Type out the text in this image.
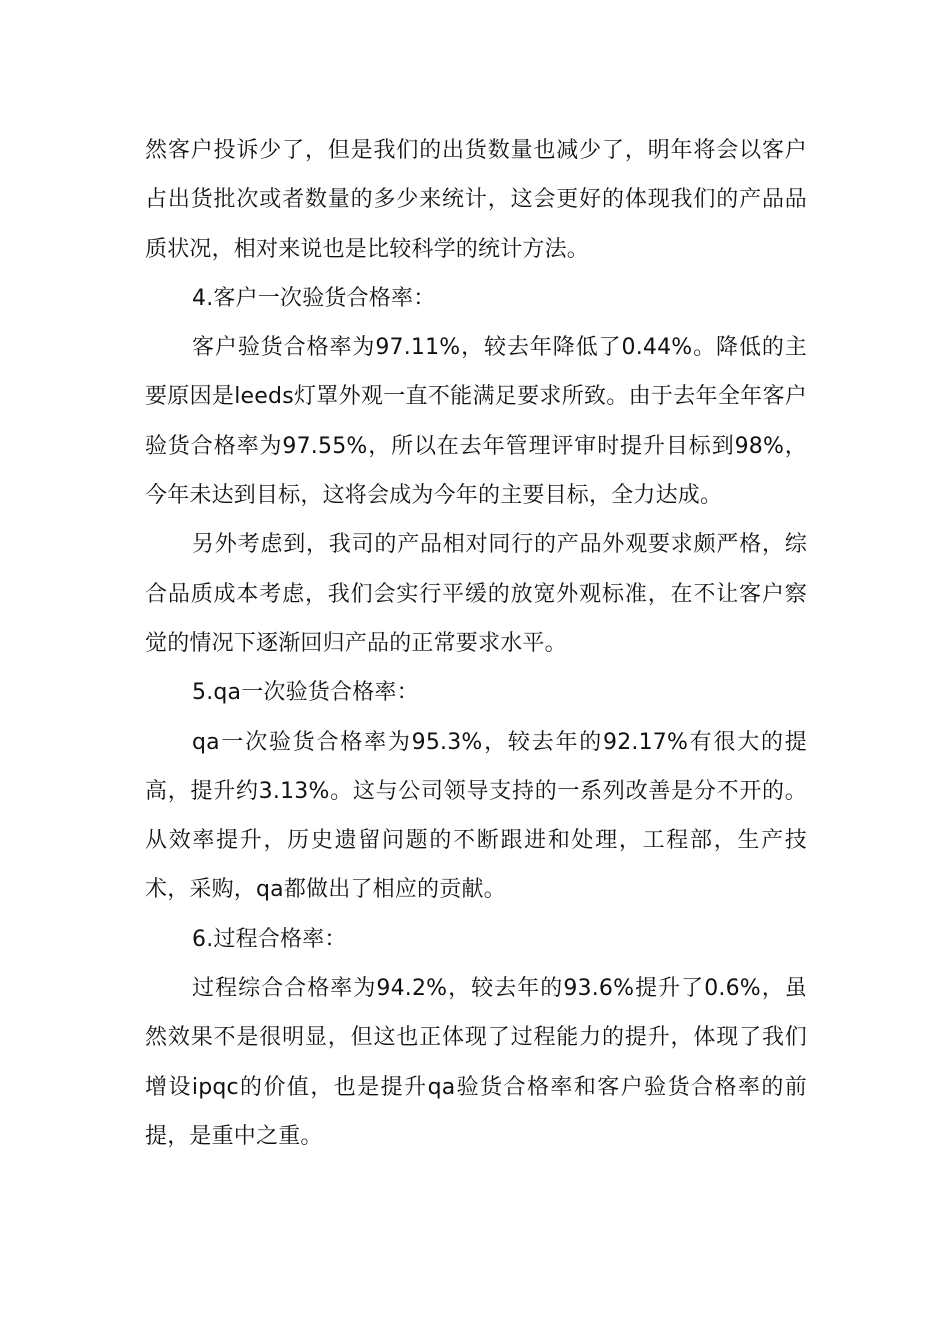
然客户投诉少了，但是我们的出货数量也减少了，明年将会以客户占出货批次或者数量的多少来统计，这会更好的体现我们的产品品质状况，相对来说也是比较科学的统计方法。

4.客户一次验货合格率：

客户验货合格率为97.11%，较去年降低了0.44%。降低的主要原因是leeds灯罩外观一直不能满足要求所致。由于去年全年客户验货合格率为97.55%，所以在去年管理评审时提升目标到98%，今年未达到目标，这将会成为今年的主要目标，全力达成。

另外考虑到，我司的产品相对同行的产品外观要求颇严格，综合品质成本考虑，我们会实行平缓的放宽外观标准，在不让客户察觉的情况下逐渐回归产品的正常要求水平。

5.qa一次验货合格率：

qa一次验货合格率为95.3%，较去年的92.17%有很大的提高，提升约3.13%。这与公司领导支持的一系列改善是分不开的。从效率提升，历史遗留问题的不断跟进和处理，工程部，生产技术，采购，qa都做出了相应的贡献。

6.过程合格率：

过程综合合格率为94.2%，较去年的93.6%提升了0.6%，虽然效果不是很明显，但这也正体现了过程能力的提升，体现了我们增设ipqc的价值，也是提升qa验货合格率和客户验货合格率的前提，是重中之重。
